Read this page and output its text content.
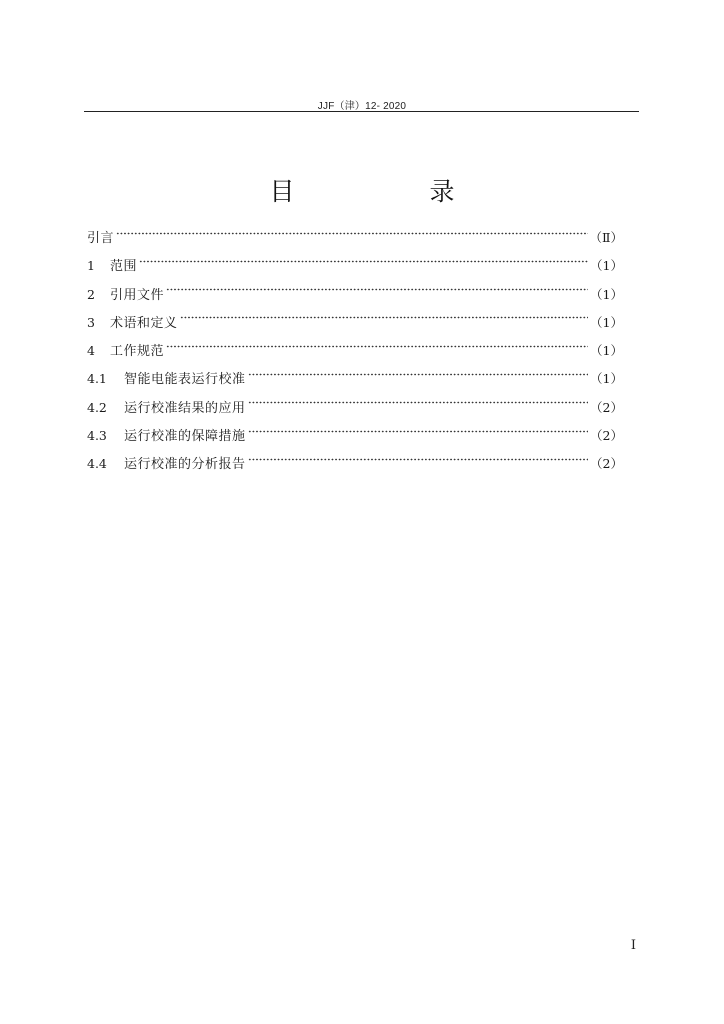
JJF（津）12- 2020
目　录
引言	（Ⅱ）
1	范围	（1）
2	引用文件	（1）
3	术语和定义	（1）
4	工作规范	（1）
4.1	智能电能表运行校准	（1）
4.2	运行校准结果的应用	（2）
4.3	运行校准的保障措施	（2）
4.4	运行校准的分析报告	（2）
I
